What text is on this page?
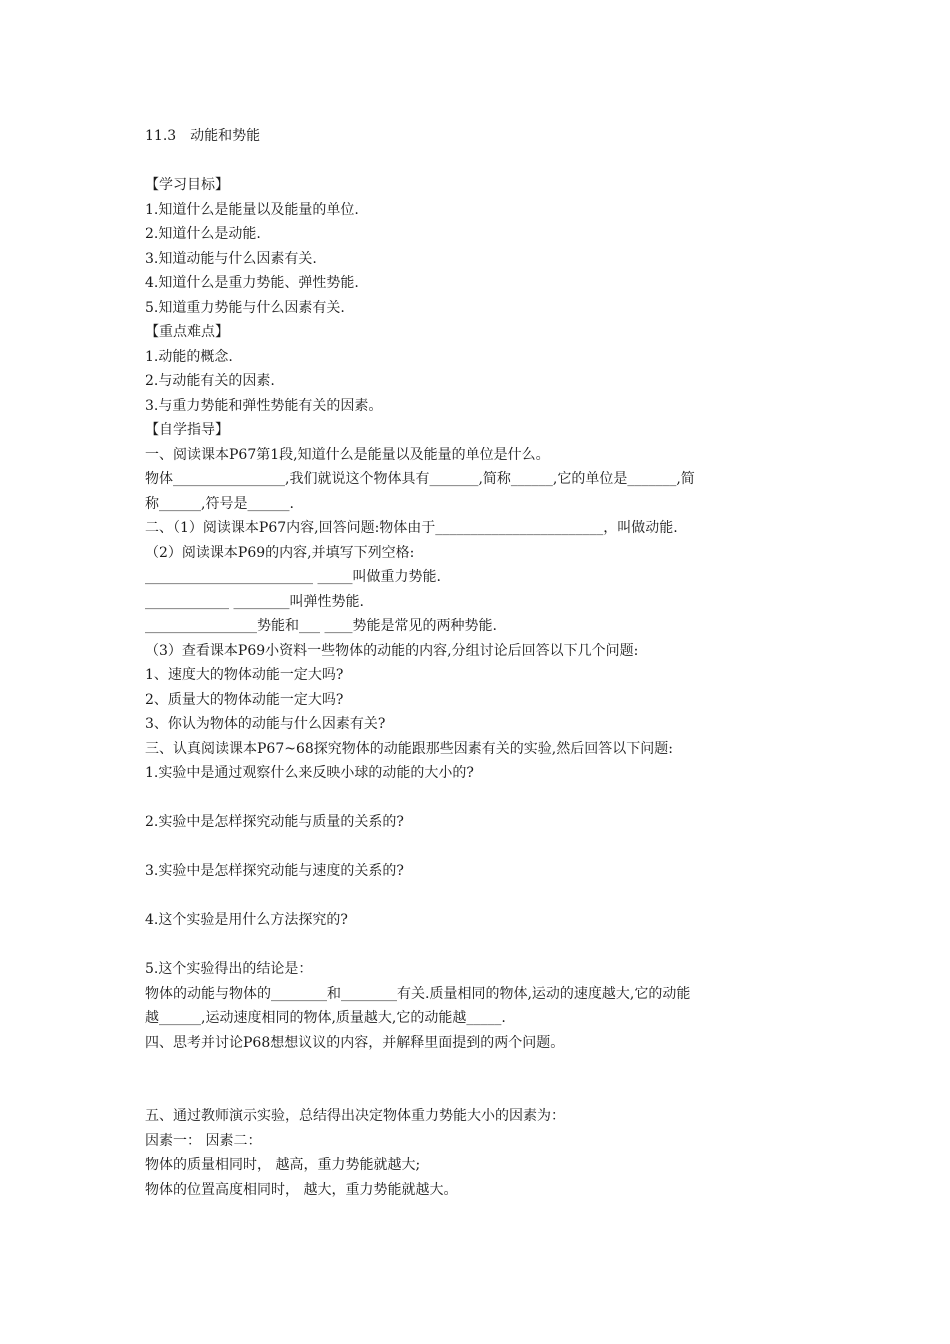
11.3　动能和势能
【学习目标】
1.知道什么是能量以及能量的单位.
2.知道什么是动能.
3.知道动能与什么因素有关.
4.知道什么是重力势能、弹性势能.
5.知道重力势能与什么因素有关.
【重点难点】
1.动能的概念.
2.与动能有关的因素.
3.与重力势能和弹性势能有关的因素。
【自学指导】
一、阅读课本P67第1段,知道什么是能量以及能量的单位是什么。
物体________________,我们就说这个物体具有_______,简称______,它的单位是_______,简
称______,符号是______.
二、（1）阅读课本P67内容,回答问题:物体由于________________________，叫做动能.
（2）阅读课本P69的内容,并填写下列空格:
________________________ _____叫做重力势能.
____________ ________叫弹性势能.
________________势能和___ ____势能是常见的两种势能.
（3）查看课本P69小资料一些物体的动能的内容,分组讨论后回答以下几个问题:
1、速度大的物体动能一定大吗?
2、质量大的物体动能一定大吗?
3、你认为物体的动能与什么因素有关?
三、认真阅读课本P67~68探究物体的动能跟那些因素有关的实验,然后回答以下问题:
1.实验中是通过观察什么来反映小球的动能的大小的?
2.实验中是怎样探究动能与质量的关系的?
3.实验中是怎样探究动能与速度的关系的?
4.这个实验是用什么方法探究的?
5.这个实验得出的结论是：
物体的动能与物体的________和________有关.质量相同的物体,运动的速度越大,它的动能
越______,运动速度相同的物体,质量越大,它的动能越_____.
四、思考并讨论P68想想议议的内容，并解释里面提到的两个问题。
五、通过教师演示实验，总结得出决定物体重力势能大小的因素为：
因素一： 因素二：
物体的质量相同时， 越高，重力势能就越大;
物体的位置高度相同时， 越大，重力势能就越大。
